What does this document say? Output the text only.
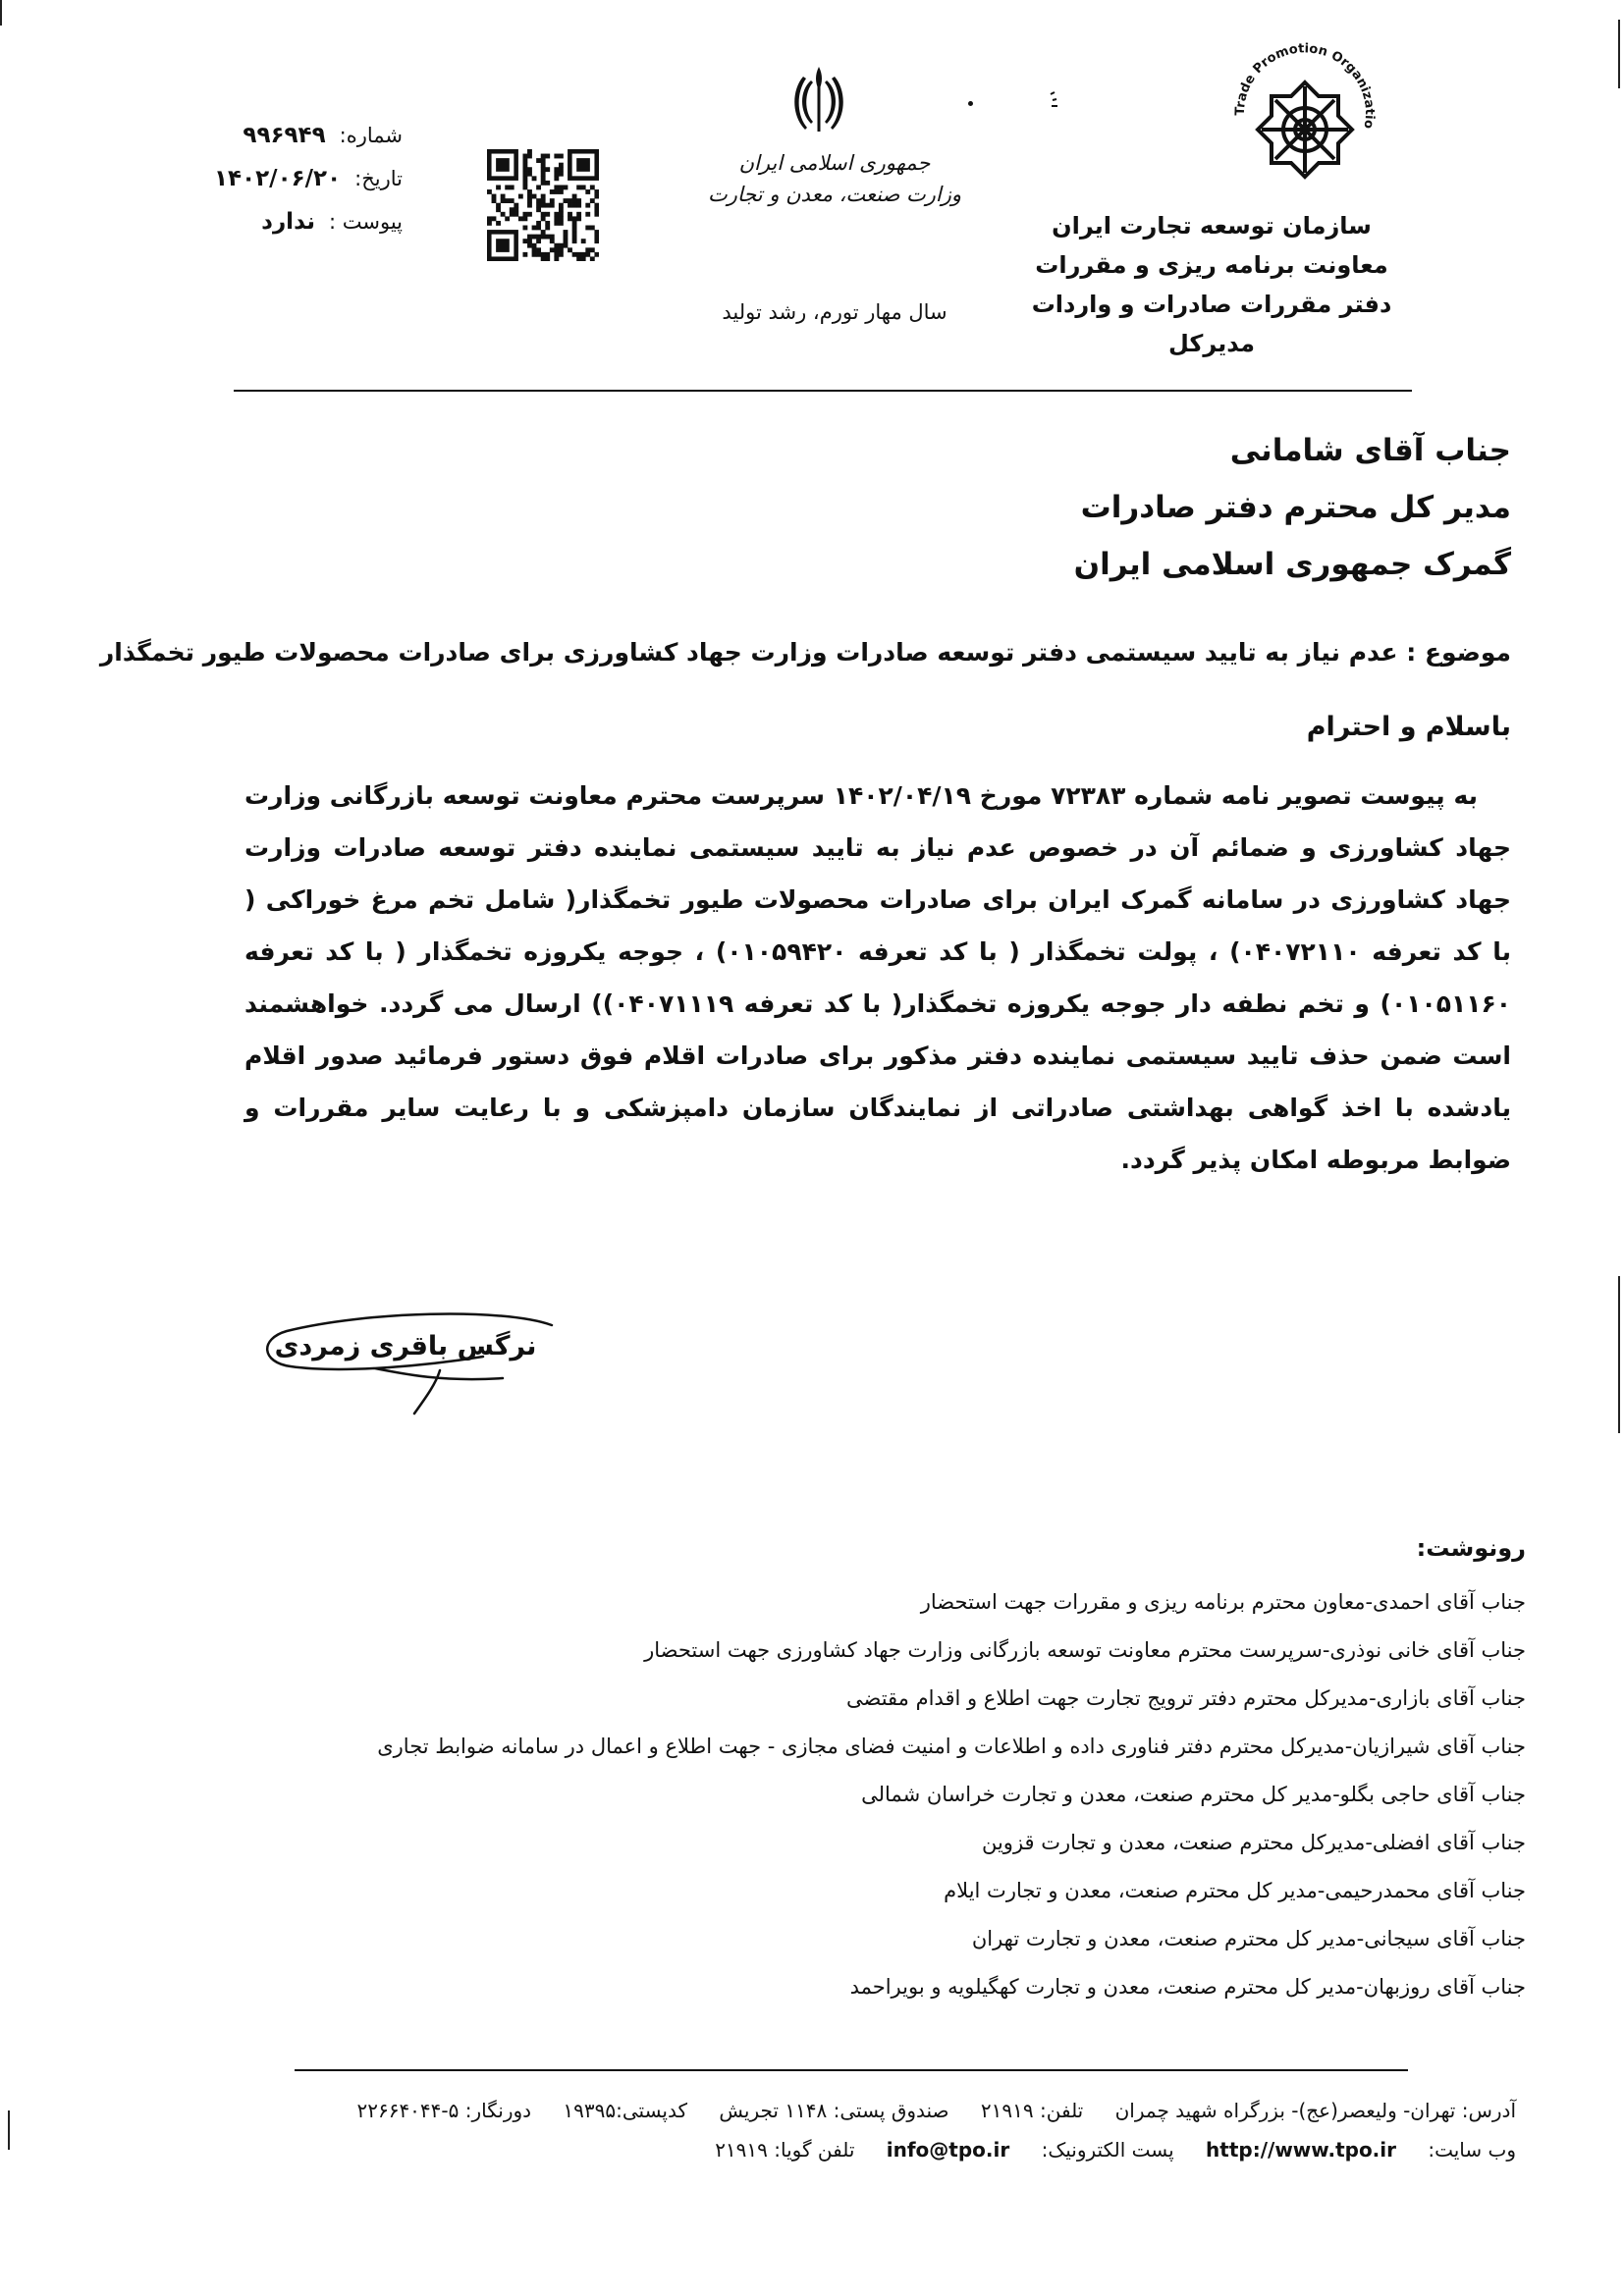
Trade Promotion Organizatio
سازمان توسعه تجارت ایران
معاونت برنامه ریزی و مقررات
دفتر مقررات صادرات و واردات
مدیرکل
جمهوری اسلامی ایران
وزارت صنعت، معدن و تجارت
سال مهار تورم، رشد تولید
شماره:
۹۹۶۹۴۹
تاریخ:
۱۴۰۲/۰۶/۲۰
پیوست :
ندارد
جناب آقای شامانی
مدیر کل محترم دفتر صادرات
گمرک جمهوری اسلامی ایران
موضوع : عدم نیاز به تایید سیستمی دفتر توسعه صادرات وزارت جهاد کشاورزی برای صادرات محصولات طیور تخمگذار
باسلام و احترام
به پیوست تصویر نامه شماره ۷۲۳۸۳ مورخ ۱۴۰۲/۰۴/۱۹ سرپرست محترم معاونت توسعه بازرگانی وزارت جهاد کشاورزی و ضمائم آن در خصوص عدم نیاز به تایید سیستمی نماینده دفتر توسعه صادرات وزارت جهاد کشاورزی در سامانه گمرک ایران برای صادرات محصولات طیور تخمگذار( شامل تخم مرغ خوراکی ( با کد تعرفه ۰۴۰۷۲۱۱۰) ، پولت تخمگذار ( با کد تعرفه ۰۱۰۵۹۴۲۰) ، جوجه یکروزه تخمگذار ( با کد تعرفه ۰۱۰۵۱۱۶۰) و تخم نطفه دار جوجه یکروزه تخمگذار( با کد تعرفه ۰۴۰۷۱۱۱۹)) ارسال می گردد. خواهشمند است ضمن حذف تایید سیستمی نماینده دفتر مذکور برای صادرات اقلام فوق دستور فرمائید صدور اقلام یادشده با اخذ گواهی بهداشتی صادراتی از نمایندگان سازمان دامپزشکی و با رعایت سایر مقررات و ضوابط مربوطه امکان پذیر گردد.
نرگس باقری زمردی
رونوشت:
جناب آقای احمدی-معاون محترم برنامه ریزی و مقررات جهت استحضار
جناب آقای خانی نوذری-سرپرست محترم معاونت توسعه بازرگانی وزارت جهاد کشاورزی جهت استحضار
جناب آقای بازاری-مدیرکل محترم دفتر ترویج تجارت جهت اطلاع و اقدام مقتضی
جناب آقای شیرازیان-مدیرکل محترم دفتر فناوری داده و اطلاعات و امنیت فضای مجازی - جهت اطلاع و اعمال در سامانه ضوابط تجاری
جناب آقای حاجی بگلو-مدیر کل محترم صنعت، معدن و تجارت خراسان شمالی
جناب آقای افضلی-مدیرکل محترم صنعت، معدن و تجارت قزوین
جناب آقای محمدرحیمی-مدیر کل محترم صنعت، معدن و تجارت ایلام
جناب آقای سیجانی-مدیر کل محترم صنعت، معدن و تجارت تهران
جناب آقای روزبهان-مدیر کل محترم صنعت، معدن و تجارت کهگیلویه و بویراحمد
آدرس: تهران- ولیعصر(عج)- بزرگراه شهید چمران تلفن: ۲۱۹۱۹ صندوق پستی: ۱۱۴۸ تجریش کدپستی:۱۹۳۹۵ دورنگار: ۵-۲۲۶۶۴۰۴۴
وب سایت: http://www.tpo.ir پست الکترونیک: info@tpo.ir تلفن گویا: ۲۱۹۱۹
